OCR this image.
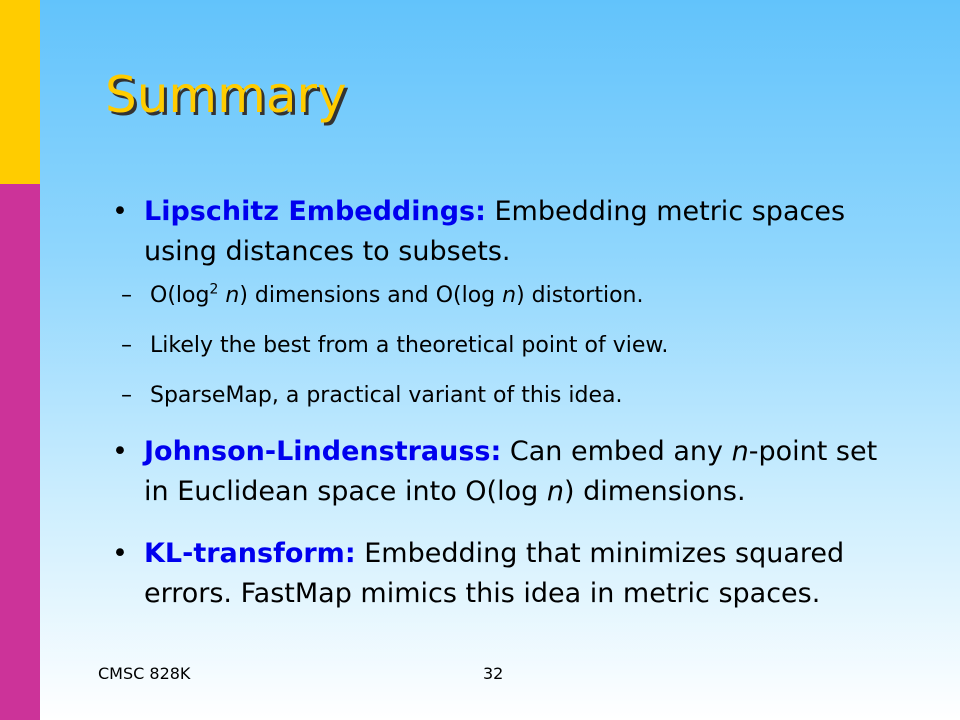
Summary
• Lipschitz Embeddings: Embedding metric spaces using distances to subsets.
– $O(\log^2$ n) dimensions and O(log n) distortion.
– Likely the best from a theoretical point of view.
– SparseMap, a practical variant of this idea.
• Johnson-Lindenstrauss: Can embed any n-point set in Euclidean space into O(log n) dimensions.
• KL-transform: Embedding that minimizes squared errors. FastMap mimics this idea in metric spaces.
CMSC 828K	32
